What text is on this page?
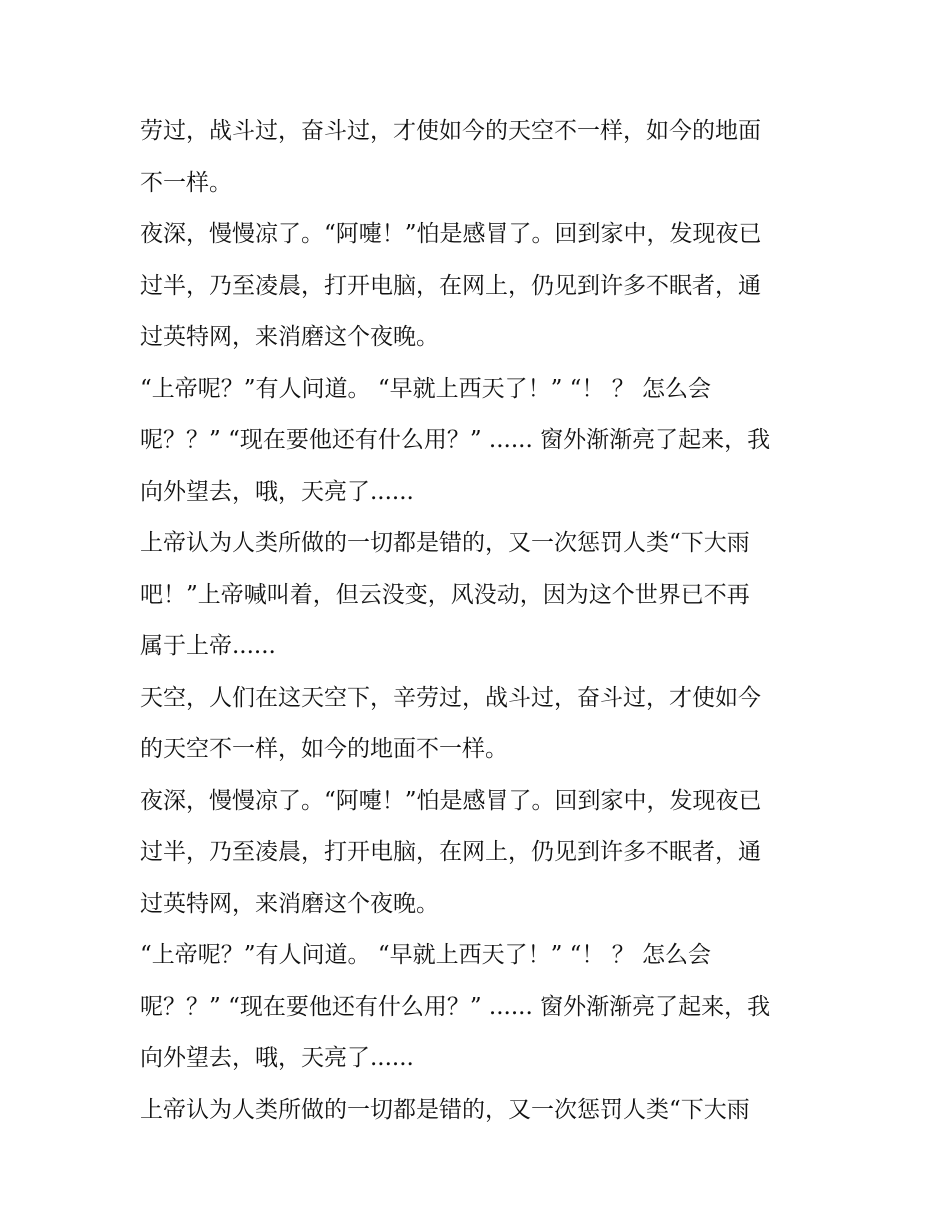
劳过，战斗过，奋斗过，才使如今的天空不一样，如今的地面
不一样。
夜深，慢慢凉了。“阿嚏！”怕是感冒了。回到家中，发现夜已
过半，乃至凌晨，打开电脑，在网上，仍见到许多不眠者，通
过英特网，来消磨这个夜晚。
“上帝呢？”有人问道。 “早就上西天了！” “！ ？ 怎么会
呢？？” “现在要他还有什么用？” ...... 窗外渐渐亮了起来，我
向外望去，哦，天亮了......
上帝认为人类所做的一切都是错的，又一次惩罚人类“下大雨
吧！”上帝喊叫着，但云没变，风没动，因为这个世界已不再
属于上帝......
天空，人们在这天空下，辛劳过，战斗过，奋斗过，才使如今
的天空不一样，如今的地面不一样。
夜深，慢慢凉了。“阿嚏！”怕是感冒了。回到家中，发现夜已
过半，乃至凌晨，打开电脑，在网上，仍见到许多不眠者，通
过英特网，来消磨这个夜晚。
“上帝呢？”有人问道。 “早就上西天了！” “！ ？ 怎么会
呢？？” “现在要他还有什么用？” ...... 窗外渐渐亮了起来，我
向外望去，哦，天亮了......
上帝认为人类所做的一切都是错的，又一次惩罚人类“下大雨
